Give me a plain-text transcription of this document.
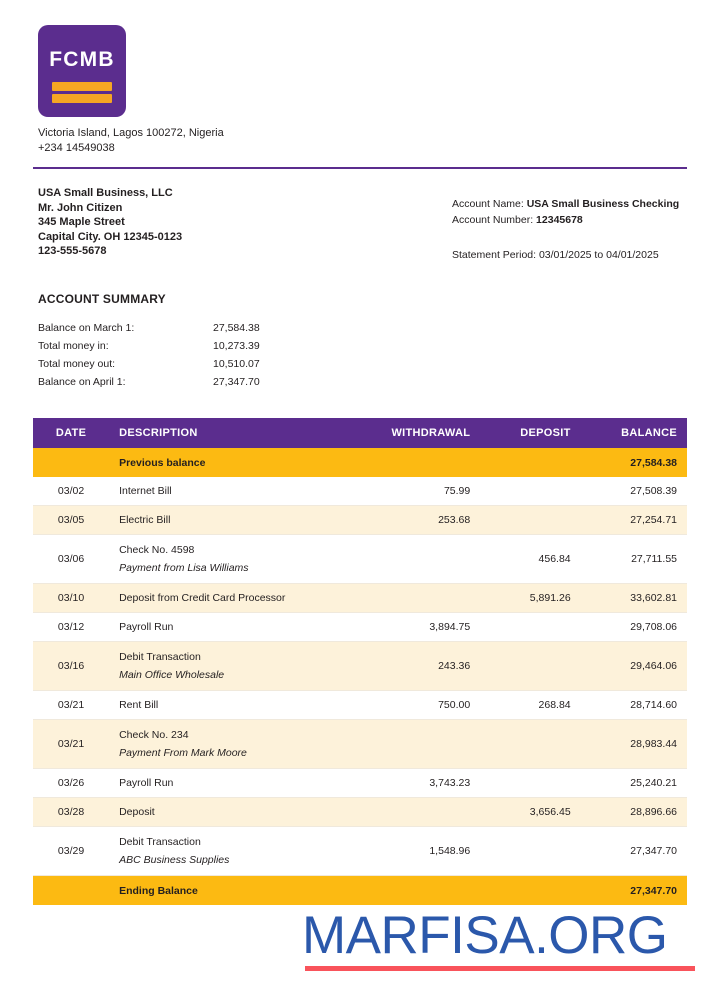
FCMB
Victoria Island, Lagos 100272, Nigeria
+234 14549038
USA Small Business, LLC
Mr. John Citizen
345 Maple Street
Capital City. OH 12345-0123
123-555-5678
Account Name: USA Small Business Checking
Account Number: 12345678
Statement Period: 03/01/2025 to 04/01/2025
ACCOUNT SUMMARY
Balance on March 1:	27,584.38
Total money in:	10,273.39
Total money out:	10,510.07
Balance on April 1:	27,347.70
DATE	DESCRIPTION	WITHDRAWAL	DEPOSIT	BALANCE
	Previous balance			27,584.38
03/02	Internet Bill	75.99		27,508.39
03/05	Electric Bill	253.68		27,254.71
03/06	Check No. 4598
Payment from Lisa Williams		456.84	27,711.55
03/10	Deposit from Credit Card Processor		5,891.26	33,602.81
03/12	Payroll Run	3,894.75		29,708.06
03/16	Debit Transaction
Main Office Wholesale	243.36		29,464.06
03/21	Rent Bill	750.00	268.84	28,714.60
03/21	Check No. 234
Payment From Mark Moore			28,983.44
03/26	Payroll Run	3,743.23		25,240.21
03/28	Deposit		3,656.45	28,896.66
03/29	Debit Transaction
ABC Business Supplies	1,548.96		27,347.70
	Ending Balance			27,347.70
MARFISA.ORG
